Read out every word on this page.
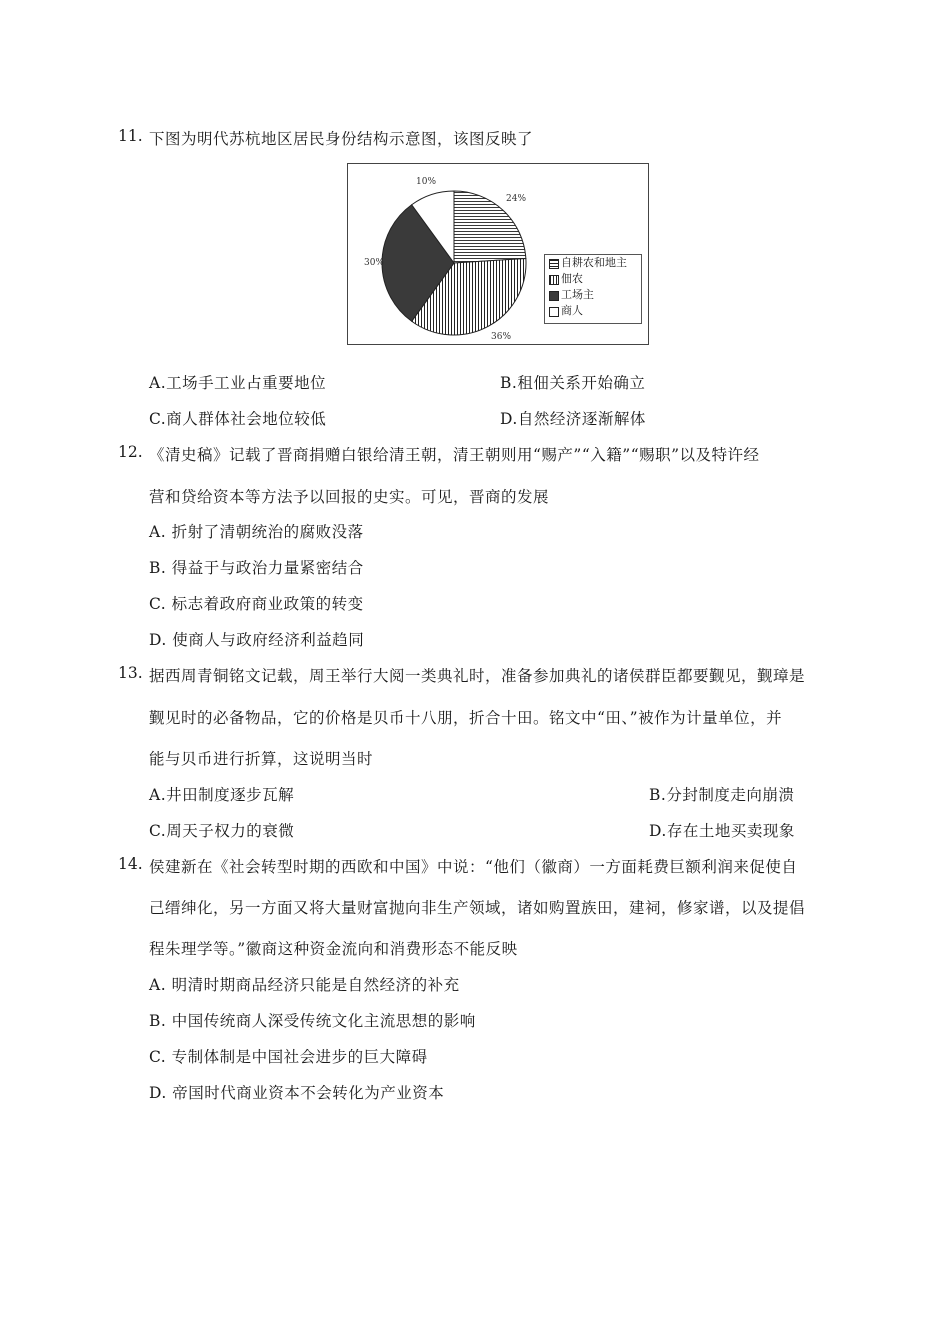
11. 下图为明代苏杭地区居民身份结构示意图，该图反映了
24%
36%
30%
10%
自耕农和地主
佃农
工场主
商人
A.工场手工业占重要地位	B.租佃关系开始确立
C.商人群体社会地位较低	D.自然经济逐渐解体
12. 《清史稿》记载了晋商捐赠白银给清王朝，清王朝则用“赐产”“入籍”“赐职”以及特许经
营和贷给资本等方法予以回报的史实。可见，晋商的发展
A. 折射了清朝统治的腐败没落
B. 得益于与政治力量紧密结合
C. 标志着政府商业政策的转变
D. 使商人与政府经济利益趋同
13. 据西周青铜铭文记载，周王举行大阅一类典礼时，准备参加典礼的诸侯群臣都要觐见，觐璋是
觐见时的必备物品，它的价格是贝币十八朋，折合十田。铭文中“田、”被作为计量单位，并
能与贝币进行折算，这说明当时
A.井田制度逐步瓦解	B.分封制度走向崩溃
C.周天子权力的衰微	D.存在土地买卖现象
14. 侯建新在《社会转型时期的西欧和中国》中说：“他们（徽商）一方面耗费巨额利润来促使自
己缙绅化，另一方面又将大量财富抛向非生产领域，诸如购置族田，建祠，修家谱，以及提倡
程朱理学等。”徽商这种资金流向和消费形态不能反映
A. 明清时期商品经济只能是自然经济的补充
B. 中国传统商人深受传统文化主流思想的影响
C. 专制体制是中国社会进步的巨大障碍
D. 帝国时代商业资本不会转化为产业资本
